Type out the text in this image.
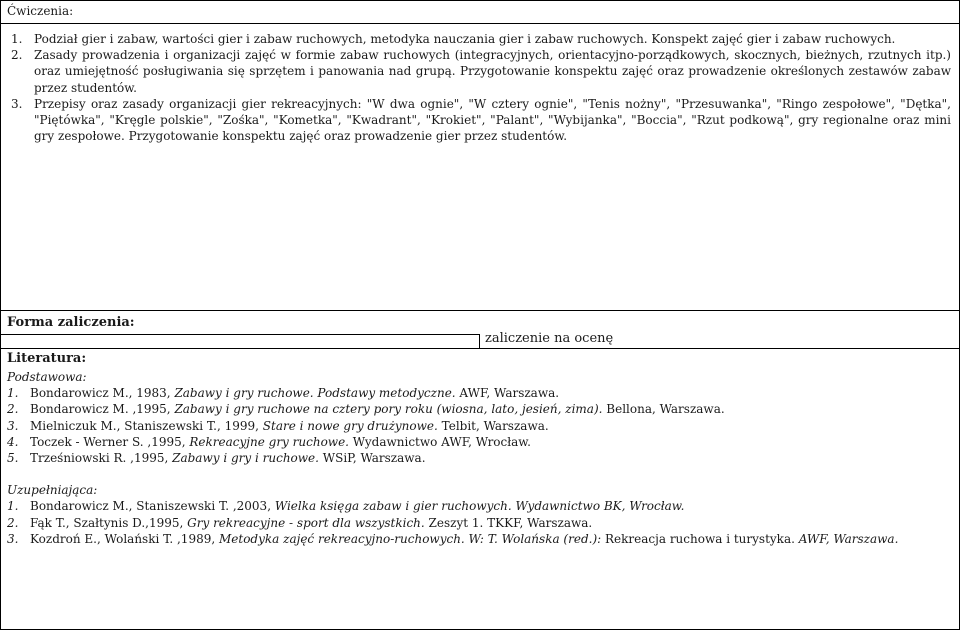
Ćwiczenia:
1. Podział gier i zabaw, wartości gier i zabaw ruchowych, metodyka nauczania gier i zabaw ruchowych. Konspekt zajęć gier i zabaw ruchowych.
2. Zasady prowadzenia i organizacji zajęć w formie zabaw ruchowych (integracyjnych, orientacyjno-porządkowych, skocznych, bieżnych, rzutnych itp.) oraz umiejętność posługiwania się sprzętem i panowania nad grupą. Przygotowanie konspektu zajęć oraz prowadzenie określonych zestawów zabaw przez studentów.
3. Przepisy oraz zasady organizacji gier rekreacyjnych: "W dwa ognie", "W cztery ognie", "Tenis nożny", "Przesuwanka", "Ringo zespołowe", "Dętka", "Piętówka", "Kręgle polskie", "Zośka", "Kometka", "Kwadrant", "Krokiet", "Palant", "Wybijanka", "Boccia", "Rzut podkową", gry regionalne oraz mini gry zespołowe. Przygotowanie konspektu zajęć oraz prowadzenie gier przez studentów.
Forma zaliczenia:
zaliczenie na ocenę
Literatura:
Podstawowa:
1. Bondarowicz M., 1983, Zabawy i gry ruchowe. Podstawy metodyczne. AWF, Warszawa.
2. Bondarowicz M. ,1995, Zabawy i gry ruchowe na cztery pory roku (wiosna, lato, jesień, zima). Bellona, Warszawa.
3. Mielniczuk M., Staniszewski T., 1999, Stare i nowe gry drużynowe. Telbit, Warszawa.
4. Toczek - Werner S. ,1995, Rekreacyjne gry ruchowe. Wydawnictwo AWF, Wrocław.
5. Trześniowski R. ,1995, Zabawy i gry i ruchowe. WSiP, Warszawa.
Uzupełniająca:
1. Bondarowicz M., Staniszewski T. ,2003, Wielka księga zabaw i gier ruchowych. Wydawnictwo BK, Wrocław.
2. Fąk T., Szałtynis D.,1995, Gry rekreacyjne - sport dla wszystkich. Zeszyt 1. TKKF, Warszawa.
3. Kozdroń E., Wolański T. ,1989, Metodyka zajęć rekreacyjno-ruchowych. W: T. Wolańska (red.): Rekreacja ruchowa i turystyka. AWF, Warszawa.
